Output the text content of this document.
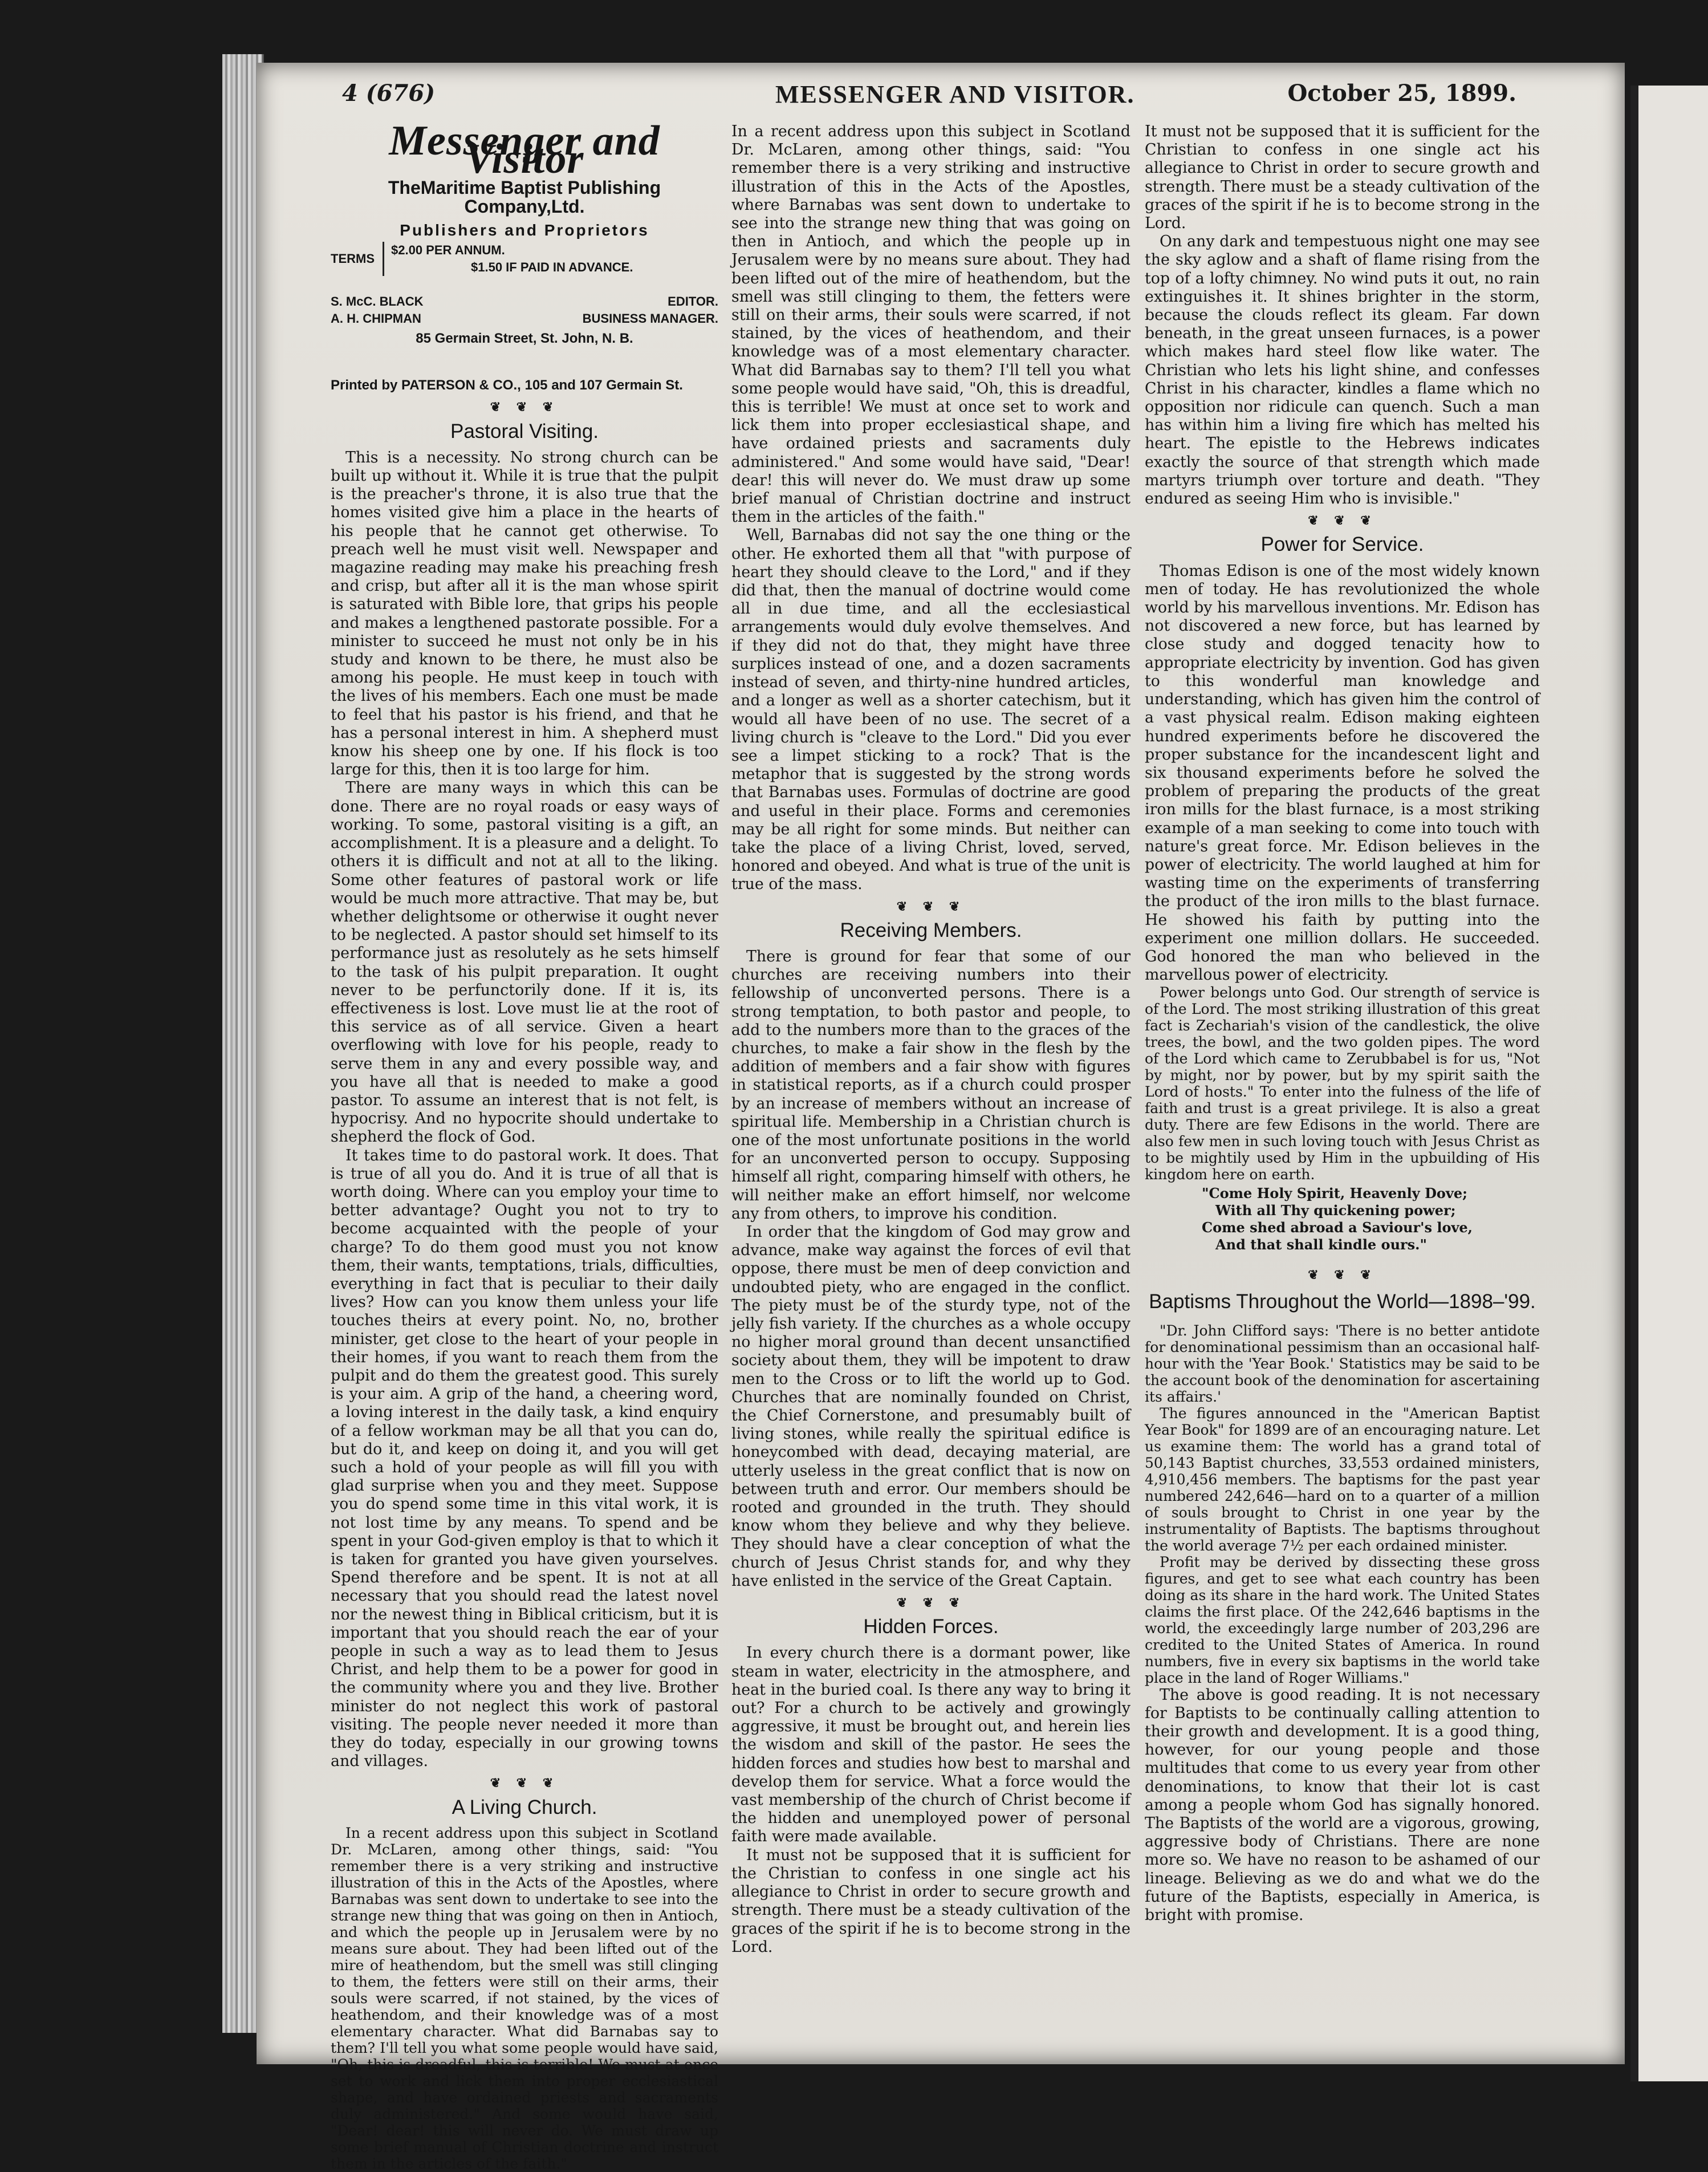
4 (676)	MESSENGER AND VISITOR.	October 25, 1899.
Messenger and Visitor
TheMaritime Baptist Publishing Company,Ltd.
Publishers and Proprietors
TERMS
$2.00 PER ANNUM.
$1.50 IF PAID IN ADVANCE.
S. McC. BLACK	EDITOR.
A. H. CHIPMAN	BUSINESS MANAGER.
85 Germain Street, St. John, N. B.
Printed by PATERSON & CO., 105 and 107 Germain St.
❦ ❦ ❦
Pastoral Visiting.

This is a necessity. No strong church can be built up without it. While it is true that the pulpit is the preacher's throne, it is also true that the homes visited give him a place in the hearts of his people that he cannot get otherwise. To preach well he must visit well. Newspaper and magazine reading may make his preaching fresh and crisp, but after all it is the man whose spirit is saturated with Bible lore, that grips his people and makes a lengthened pastorate possible. For a minister to succeed he must not only be in his study and known to be there, he must also be among his people. He must keep in touch with the lives of his members. Each one must be made to feel that his pastor is his friend, and that he has a personal interest in him. A shepherd must know his sheep one by one. If his flock is too large for this, then it is too large for him.

There are many ways in which this can be done. There are no royal roads or easy ways of working. To some, pastoral visiting is a gift, an accomplishment. It is a pleasure and a delight. To others it is difficult and not at all to the liking. Some other features of pastoral work or life would be much more attractive. That may be, but whether delightsome or otherwise it ought never to be neglected. A pastor should set himself to its performance just as resolutely as he sets himself to the task of his pulpit preparation. It ought never to be perfunctorily done. If it is, its effectiveness is lost. Love must lie at the root of this service as of all service. Given a heart overflowing with love for his people, ready to serve them in any and every possible way, and you have all that is needed to make a good pastor. To assume an interest that is not felt, is hypocrisy. And no hypocrite should undertake to shepherd the flock of God.

It takes time to do pastoral work. It does. That is true of all you do. And it is true of all that is worth doing. Where can you employ your time to better advantage? Ought you not to try to become acquainted with the people of your charge? To do them good must you not know them, their wants, temptations, trials, difficulties, everything in fact that is peculiar to their daily lives? How can you know them unless your life touches theirs at every point. No, no, brother minister, get close to the heart of your people in their homes, if you want to reach them from the pulpit and do them the greatest good. This surely is your aim. A grip of the hand, a cheering word, a loving interest in the daily task, a kind enquiry of a fellow workman may be all that you can do, but do it, and keep on doing it, and you will get such a hold of your people as will fill you with glad surprise when you and they meet. Suppose you do spend some time in this vital work, it is not lost time by any means. To spend and be spent in your God-given employ is that to which it is taken for granted you have given yourselves. Spend therefore and be spent. It is not at all necessary that you should read the latest novel nor the newest thing in Biblical criticism, but it is important that you should reach the ear of your people in such a way as to lead them to Jesus Christ, and help them to be a power for good in the community where you and they live. Brother minister do not neglect this work of pastoral visiting. The people never needed it more than they do today, especially in our growing towns and villages.

❦ ❦ ❦
A Living Church.

In a recent address upon this subject in Scotland Dr. McLaren, among other things, said: "You remember there is a very striking and instructive illustration of this in the Acts of the Apostles, where Barnabas was sent down to undertake to see into the strange new thing that was going on then in Antioch, and which the people up in Jerusalem were by no means sure about. They had been lifted out of the mire of heathendom, but the smell was still clinging to them, the fetters were still on their arms, their souls were scarred, if not stained, by the vices of heathendom, and their knowledge was of a most elementary character. What did Barnabas say to them? I'll tell you what some people would have said, "Oh, this is dreadful, this is terrible! We must at once set to work and lick them into proper ecclesiastical shape, and have ordained priests and sacraments duly administered." And some would have said, "Dear! dear! this will never do. We must draw up some brief manual of Christian doctrine and instruct them in the articles of the faith."

In a recent address upon this subject in Scotland Dr. McLaren, among other things, said: "You remember there is a very striking and instructive illustration of this in the Acts of the Apostles, where Barnabas was sent down to undertake to see into the strange new thing that was going on then in Antioch, and which the people up in Jerusalem were by no means sure about. They had been lifted out of the mire of heathendom, but the smell was still clinging to them, the fetters were still on their arms, their souls were scarred, if not stained, by the vices of heathendom, and their knowledge was of a most elementary character. What did Barnabas say to them? I'll tell you what some people would have said, "Oh, this is dreadful, this is terrible! We must at once set to work and lick them into proper ecclesiastical shape, and have ordained priests and sacraments duly administered." And some would have said, "Dear! dear! this will never do. We must draw up some brief manual of Christian doctrine and instruct them in the articles of the faith."

Well, Barnabas did not say the one thing or the other. He exhorted them all that "with purpose of heart they should cleave to the Lord," and if they did that, then the manual of doctrine would come all in due time, and all the ecclesiastical arrangements would duly evolve themselves. And if they did not do that, they might have three surplices instead of one, and a dozen sacraments instead of seven, and thirty-nine hundred articles, and a longer as well as a shorter catechism, but it would all have been of no use. The secret of a living church is "cleave to the Lord." Did you ever see a limpet sticking to a rock? That is the metaphor that is suggested by the strong words that Barnabas uses. Formulas of doctrine are good and useful in their place. Forms and ceremonies may be all right for some minds. But neither can take the place of a living Christ, loved, served, honored and obeyed. And what is true of the unit is true of the mass.

❦ ❦ ❦
Receiving Members.

There is ground for fear that some of our churches are receiving numbers into their fellowship of unconverted persons. There is a strong temptation, to both pastor and people, to add to the numbers more than to the graces of the churches, to make a fair show in the flesh by the addition of members and a fair show with figures in statistical reports, as if a church could prosper by an increase of members without an increase of spiritual life. Membership in a Christian church is one of the most unfortunate positions in the world for an unconverted person to occupy. Supposing himself all right, comparing himself with others, he will neither make an effort himself, nor welcome any from others, to improve his condition.

In order that the kingdom of God may grow and advance, make way against the forces of evil that oppose, there must be men of deep conviction and undoubted piety, who are engaged in the conflict. The piety must be of the sturdy type, not of the jelly fish variety. If the churches as a whole occupy no higher moral ground than decent unsanctified society about them, they will be impotent to draw men to the Cross or to lift the world up to God. Churches that are nominally founded on Christ, the Chief Cornerstone, and presumably built of living stones, while really the spiritual edifice is honeycombed with dead, decaying material, are utterly useless in the great conflict that is now on between truth and error. Our members should be rooted and grounded in the truth. They should know whom they believe and why they believe. They should have a clear conception of what the church of Jesus Christ stands for, and why they have enlisted in the service of the Great Captain.

❦ ❦ ❦
Hidden Forces.

In every church there is a dormant power, like steam in water, electricity in the atmosphere, and heat in the buried coal. Is there any way to bring it out? For a church to be actively and growingly aggressive, it must be brought out, and herein lies the wisdom and skill of the pastor. He sees the hidden forces and studies how best to marshal and develop them for service. What a force would the vast membership of the church of Christ become if the hidden and unemployed power of personal faith were made available.

It must not be supposed that it is sufficient for the Christian to confess in one single act his allegiance to Christ in order to secure growth and strength. There must be a steady cultivation of the graces of the spirit if he is to become strong in the Lord.

It must not be supposed that it is sufficient for the Christian to confess in one single act his allegiance to Christ in order to secure growth and strength. There must be a steady cultivation of the graces of the spirit if he is to become strong in the Lord.

On any dark and tempestuous night one may see the sky aglow and a shaft of flame rising from the top of a lofty chimney. No wind puts it out, no rain extinguishes it. It shines brighter in the storm, because the clouds reflect its gleam. Far down beneath, in the great unseen furnaces, is a power which makes hard steel flow like water. The Christian who lets his light shine, and confesses Christ in his character, kindles a flame which no opposition nor ridicule can quench. Such a man has within him a living fire which has melted his heart. The epistle to the Hebrews indicates exactly the source of that strength which made martyrs triumph over torture and death. "They endured as seeing Him who is invisible."

❦ ❦ ❦
Power for Service.

Thomas Edison is one of the most widely known men of today. He has revolutionized the whole world by his marvellous inventions. Mr. Edison has not discovered a new force, but has learned by close study and dogged tenacity how to appropriate electricity by invention. God has given to this wonderful man knowledge and understanding, which has given him the control of a vast physical realm. Edison making eighteen hundred experiments before he discovered the proper substance for the incandescent light and six thousand experiments before he solved the problem of preparing the products of the great iron mills for the blast furnace, is a most striking example of a man seeking to come into touch with nature's great force. Mr. Edison believes in the power of electricity. The world laughed at him for wasting time on the experiments of transferring the product of the iron mills to the blast furnace. He showed his faith by putting into the experiment one million dollars. He succeeded. God honored the man who believed in the marvellous power of electricity.

Power belongs unto God. Our strength of service is of the Lord. The most striking illustration of this great fact is Zechariah's vision of the candlestick, the olive trees, the bowl, and the two golden pipes. The word of the Lord which came to Zerubbabel is for us, "Not by might, nor by power, but by my spirit saith the Lord of hosts." To enter into the fulness of the life of faith and trust is a great privilege. It is also a great duty. There are few Edisons in the world. There are also few men in such loving touch with Jesus Christ as to be mightily used by Him in the upbuilding of His kingdom here on earth.

"Come Holy Spirit, Heavenly Dove;
With all Thy quickening power;
Come shed abroad a Saviour's love,
And that shall kindle ours."
❦ ❦ ❦
Baptisms Throughout the World—1898–'99.

"Dr. John Clifford says: 'There is no better antidote for denominational pessimism than an occasional half-hour with the 'Year Book.' Statistics may be said to be the account book of the denomination for ascertaining its affairs.'

The figures announced in the "American Baptist Year Book" for 1899 are of an encouraging nature. Let us examine them: The world has a grand total of 50,143 Baptist churches, 33,553 ordained ministers, 4,910,456 members. The baptisms for the past year numbered 242,646—hard on to a quarter of a million of souls brought to Christ in one year by the instrumentality of Baptists. The baptisms throughout the world average 7½ per each ordained minister.

Profit may be derived by dissecting these gross figures, and get to see what each country has been doing as its share in the hard work. The United States claims the first place. Of the 242,646 baptisms in the world, the exceedingly large number of 203,296 are credited to the United States of America. In round numbers, five in every six baptisms in the world take place in the land of Roger Williams."

The above is good reading. It is not necessary for Baptists to be continually calling attention to their growth and development. It is a good thing, however, for our young people and those multitudes that come to us every year from other denominations, to know that their lot is cast among a people whom God has signally honored. The Baptists of the world are a vigorous, growing, aggressive body of Christians. There are none more so. We have no reason to be ashamed of our lineage. Believing as we do and what we do the future of the Baptists, especially in America, is bright with promise.
